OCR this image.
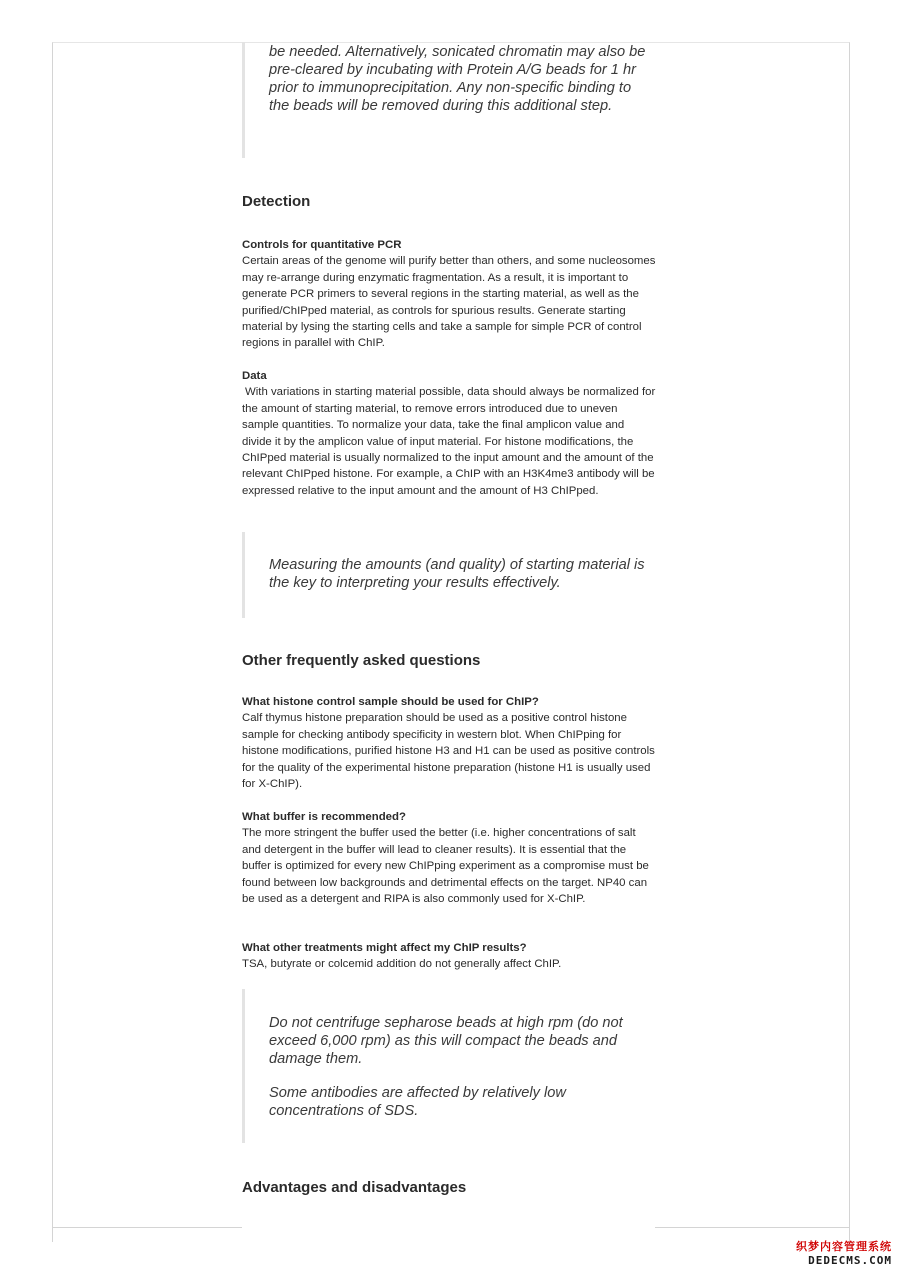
be needed. Alternatively, sonicated chromatin may also be pre-cleared by incubating with Protein A/G beads for 1 hr prior to immunoprecipitation. Any non-specific binding to the beads will be removed during this additional step.

Detection
Controls for quantitative PCR
Certain areas of the genome will purify better than others, and some nucleosomes may re-arrange during enzymatic fragmentation. As a result, it is important to generate PCR primers to several regions in the starting material, as well as the purified/ChIPped material, as controls for spurious results. Generate starting material by lysing the starting cells and take a sample for simple PCR of control regions in parallel with ChIP.
Data
With variations in starting material possible, data should always be normalized for the amount of starting material, to remove errors introduced due to uneven sample quantities. To normalize your data, take the final amplicon value and divide it by the amplicon value of input material. For histone modifications, the ChIPped material is usually normalized to the input amount and the amount of the relevant ChIPped histone. For example, a ChIP with an H3K4me3 antibody will be expressed relative to the input amount and the amount of H3 ChIPped.

Measuring the amounts (and quality) of starting material is the key to interpreting your results effectively.

Other frequently asked questions
What histone control sample should be used for ChIP?
Calf thymus histone preparation should be used as a positive control histone sample for checking antibody specificity in western blot. When ChIPping for histone modifications, purified histone H3 and H1 can be used as positive controls for the quality of the experimental histone preparation (histone H1 is usually used for X-ChIP).
What buffer is recommended?
The more stringent the buffer used the better (i.e. higher concentrations of salt and detergent in the buffer will lead to cleaner results). It is essential that the buffer is optimized for every new ChIPping experiment as a compromise must be found between low backgrounds and detrimental effects on the target. NP40 can be used as a detergent and RIPA is also commonly used for X-ChIP.
What other treatments might affect my ChIP results?
TSA, butyrate or colcemid addition do not generally affect ChIP.

Do not centrifuge sepharose beads at high rpm (do not exceed 6,000 rpm) as this will compact the beads and damage them.

Some antibodies are affected by relatively low concentrations of SDS.

Advantages and disadvantages
织梦内容管理系统
DEDECMS.COM
